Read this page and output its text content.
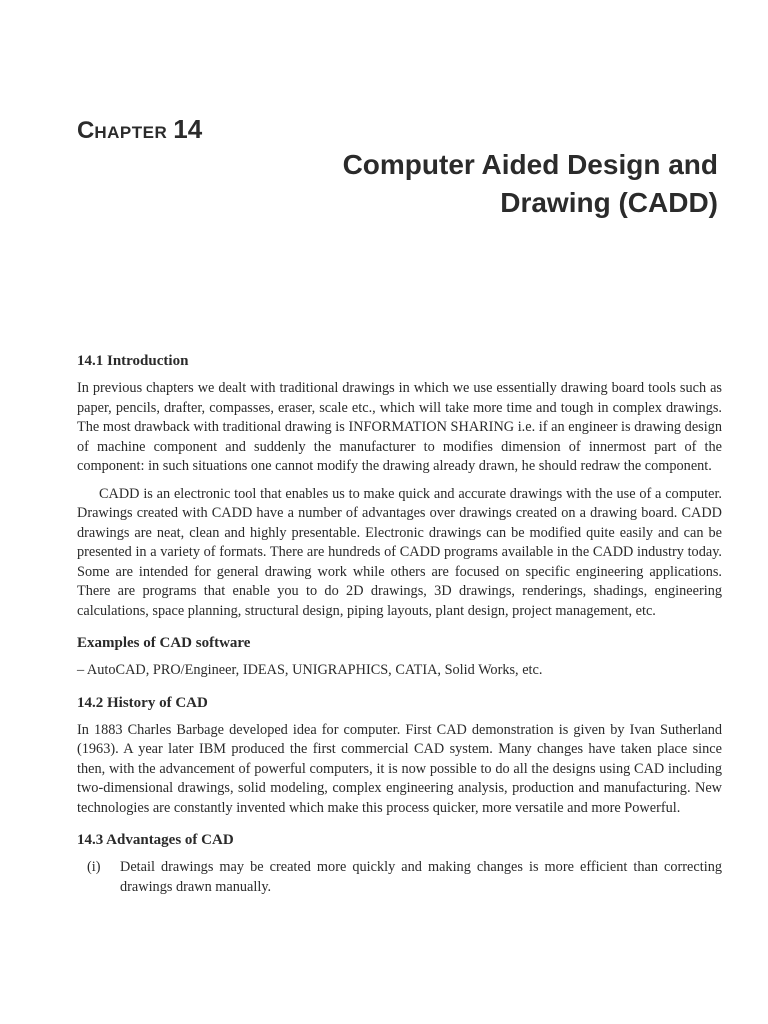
CHAPTER 14
Computer Aided Design and
Drawing (CADD)
14.1 Introduction

In previous chapters we dealt with traditional drawings in which we use essentially drawing board tools such as paper, pencils, drafter, compasses, eraser, scale etc., which will take more time and tough in complex drawings. The most drawback with traditional drawing is INFORMATION SHARING i.e. if an engineer is drawing design of machine component and suddenly the manufacturer to modifies dimension of innermost part of the component: in such situations one cannot modify the drawing already drawn, he should redraw the component.

CADD is an electronic tool that enables us to make quick and accurate drawings with the use of a computer. Drawings created with CADD have a number of advantages over drawings created on a drawing board. CADD drawings are neat, clean and highly presentable. Electronic drawings can be modified quite easily and can be presented in a variety of formats. There are hundreds of CADD programs available in the CADD industry today. Some are intended for general drawing work while others are focused on specific engineering applications. There are programs that enable you to do 2D drawings, 3D drawings, renderings, shadings, engineering calculations, space planning, structural design, piping layouts, plant design, project management, etc.

Examples of CAD software

– AutoCAD, PRO/Engineer, IDEAS, UNIGRAPHICS, CATIA, Solid Works, etc.

14.2 History of CAD

In 1883 Charles Barbage developed idea for computer. First CAD demonstration is given by Ivan Sutherland (1963). A year later IBM produced the first commercial CAD system. Many changes have taken place since then, with the advancement of powerful computers, it is now possible to do all the designs using CAD including two-dimensional drawings, solid modeling, complex engineering analysis, production and manufacturing. New technologies are constantly invented which make this process quicker, more versatile and more Powerful.

14.3 Advantages of CAD
(i)	Detail drawings may be created more quickly and making changes is more efficient than correcting drawings drawn manually.
